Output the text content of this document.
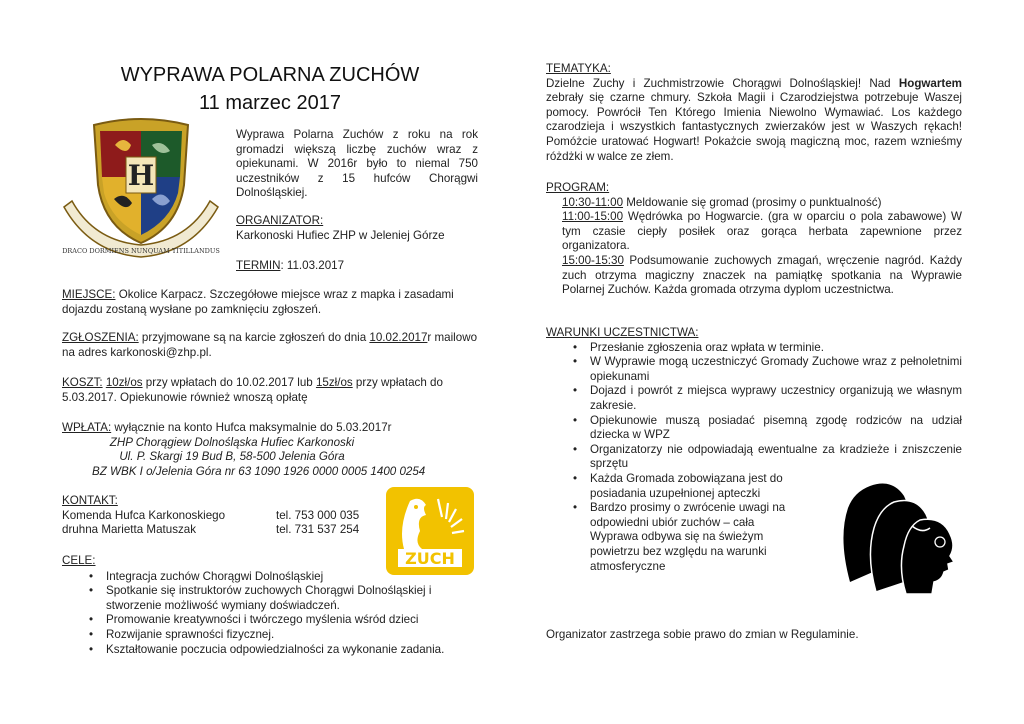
WYPRAWA POLARNA ZUCHÓW
11 marzec 2017
H
DRACO DORMIENS NUNQUAM TITILLANDUS
Wyprawa Polarna Zuchów z roku na rok gromadzi większą liczbę zuchów wraz z opiekunami. W 2016r było to niemal 750 uczestników z 15 hufców Chorągwi Dolnośląskiej.
ORGANIZATOR:
Karkonoski Hufiec ZHP w Jeleniej Górze
TERMIN: 11.03.2017
MIEJSCE: Okolice Karpacz. Szczegółowe miejsce wraz z mapka i zasadami dojazdu zostaną wysłane po zamknięciu zgłoszeń.
ZGŁOSZENIA: przyjmowane są na karcie zgłoszeń do dnia 10.02.2017r mailowo na adres karkonoski@zhp.pl.
KOSZT: 10zł/os przy wpłatach do 10.02.2017 lub 15zł/os przy wpłatach do 5.03.2017. Opiekunowie również wnoszą opłatę
WPŁATA: wyłącznie na konto Hufca maksymalnie do 5.03.2017r
ZHP Chorągiew Dolnośląska Hufiec Karkonoski
Ul. P. Skargi 19 Bud B, 58-500 Jelenia Góra
BZ WBK I o/Jelenia Góra nr 63 1090 1926 0000 0005 1400 0254
KONTAKT:
Komenda Hufca Karkonoskiego	tel. 753 000 035
druhna Marietta Matuszak	tel. 731 537 254
ZUCH
CELE:
• Integracja zuchów Chorągwi Dolnośląskiej
• Spotkanie się instruktorów zuchowych Chorągwi Dolnośląskiej i stworzenie możliwość wymiany doświadczeń.
• Promowanie kreatywności i twórczego myślenia wśród dzieci
• Rozwijanie sprawności fizycznej.
• Kształtowanie poczucia odpowiedzialności za wykonanie zadania.
TEMATYKA:
Dzielne Zuchy i Zuchmistrzowie Chorągwi Dolnośląskiej! Nad Hogwartem zebrały się czarne chmury. Szkoła Magii i Czarodziejstwa potrzebuje Waszej pomocy. Powrócił Ten Którego Imienia Niewolno Wymawiać. Los każdego czarodzieja i wszystkich fantastycznych zwierzaków jest w Waszych rękach! Pomóżcie uratować Hogwart! Pokażcie swoją magiczną moc, razem wznieśmy różdżki w walce ze złem.
PROGRAM:
10:30-11:00 Meldowanie się gromad (prosimy o punktualność)
11:00-15:00 Wędrówka po Hogwarcie. (gra w oparciu o pola zabawowe) W tym czasie ciepły posiłek oraz gorąca herbata zapewnione przez organizatora.
15:00-15:30 Podsumowanie zuchowych zmagań, wręczenie nagród. Każdy zuch otrzyma magiczny znaczek na pamiątkę spotkania na Wyprawie Polarnej Zuchów. Każda gromada otrzyma dyplom uczestnictwa.
WARUNKI UCZESTNICTWA:
• Przesłanie zgłoszenia oraz wpłata w terminie.
• W Wyprawie mogą uczestniczyć Gromady Zuchowe wraz z pełnoletnimi opiekunami
• Dojazd i powrót z miejsca wyprawy uczestnicy organizują we własnym zakresie.
• Opiekunowie muszą posiadać pisemną zgodę rodziców na udział dziecka w WPZ
• Organizatorzy nie odpowiadają ewentualne za kradzieże i zniszczenie sprzętu
• Każda Gromada zobowiązana jest do posiadania uzupełnionej apteczki
• Bardzo prosimy o zwrócenie uwagi na odpowiedni ubiór zuchów – cała Wyprawa odbywa się na świeżym powietrzu bez względu na warunki atmosferyczne
Organizator zastrzega sobie prawo do zmian w Regulaminie.
